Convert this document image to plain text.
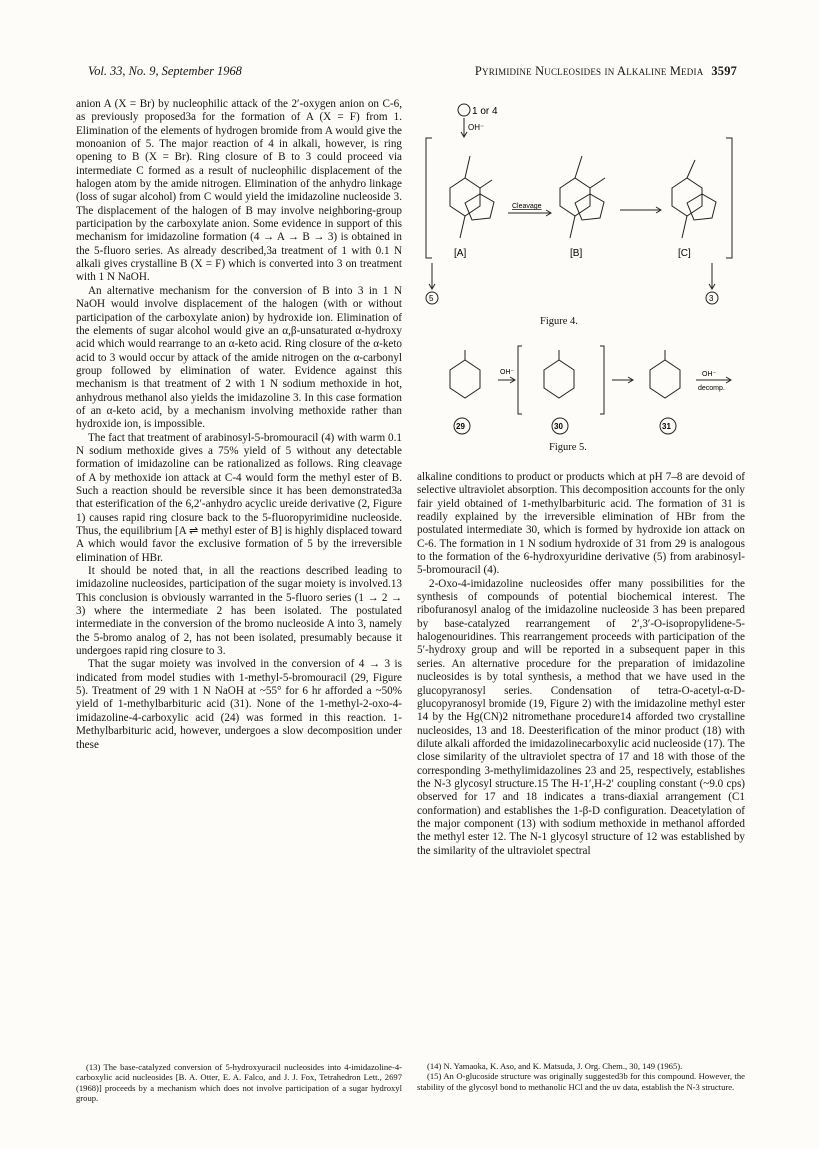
Vol. 33, No. 9, September 1968	Pyrimidine Nucleosides in Alkaline Media 3597

anion A (X = Br) by nucleophilic attack of the 2′-oxygen anion on C-6, as previously proposed3a for the formation of A (X = F) from 1. Elimination of the elements of hydrogen bromide from A would give the monoanion of 5. The major reaction of 4 in alkali, however, is ring opening to B (X = Br). Ring closure of B to 3 could proceed via intermediate C formed as a result of nucleophilic displacement of the halogen atom by the amide nitrogen. Elimination of the anhydro linkage (loss of sugar alcohol) from C would yield the imidazoline nucleoside 3. The displacement of the halogen of B may involve neighboring-group participation by the carboxylate anion. Some evidence in support of this mechanism for imidazoline formation (4 → A → B → 3) is obtained in the 5-fluoro series. As already described,3a treatment of 1 with 0.1 N alkali gives crystalline B (X = F) which is converted into 3 on treatment with 1 N NaOH.

An alternative mechanism for the conversion of B into 3 in 1 N NaOH would involve displacement of the halogen (with or without participation of the carboxylate anion) by hydroxide ion. Elimination of the elements of sugar alcohol would give an α,β-unsaturated α-hydroxy acid which would rearrange to an α-keto acid. Ring closure of the α-keto acid to 3 would occur by attack of the amide nitrogen on the α-carbonyl group followed by elimination of water. Evidence against this mechanism is that treatment of 2 with 1 N sodium methoxide in hot, anhydrous methanol also yields the imidazoline 3. In this case formation of an α-keto acid, by a mechanism involving methoxide rather than hydroxide ion, is impossible.

The fact that treatment of arabinosyl-5-bromouracil (4) with warm 0.1 N sodium methoxide gives a 75% yield of 5 without any detectable formation of imidazoline can be rationalized as follows. Ring cleavage of A by methoxide ion attack at C-4 would form the methyl ester of B. Such a reaction should be reversible since it has been demonstrated3a that esterification of the 6,2′-anhydro acyclic ureide derivative (2, Figure 1) causes rapid ring closure back to the 5-fluoropyrimidine nucleoside. Thus, the equilibrium [A ⇌ methyl ester of B] is highly displaced toward A which would favor the exclusive formation of 5 by the irreversible elimination of HBr.

It should be noted that, in all the reactions described leading to imidazoline nucleosides, participation of the sugar moiety is involved.13 This conclusion is obviously warranted in the 5-fluoro series (1 → 2 → 3) where the intermediate 2 has been isolated. The postulated intermediate in the conversion of the bromo nucleoside A into 3, namely the 5-bromo analog of 2, has not been isolated, presumably because it undergoes rapid ring closure to 3.

That the sugar moiety was involved in the conversion of 4 → 3 is indicated from model studies with 1-methyl-5-bromouracil (29, Figure 5). Treatment of 29 with 1 N NaOH at ~55° for 6 hr afforded a ~50% yield of 1-methylbarbituric acid (31). None of the 1-methyl-2-oxo-4-imidazoline-4-carboxylic acid (24) was formed in this reaction. 1-Methylbarbituric acid, however, undergoes a slow decomposition under these

1 or 4
OH⁻
Cleavage
[A]	[B]	[C]
5	3
Figure 4.
OH⁻	OH⁻
decomp.
29	30	31
Figure 5.

alkaline conditions to product or products which at pH 7–8 are devoid of selective ultraviolet absorption. This decomposition accounts for the only fair yield obtained of 1-methylbarbituric acid. The formation of 31 is readily explained by the irreversible elimination of HBr from the postulated intermediate 30, which is formed by hydroxide ion attack on C-6. The formation in 1 N sodium hydroxide of 31 from 29 is analogous to the formation of the 6-hydroxyuridine derivative (5) from arabinosyl-5-bromouracil (4).

2-Oxo-4-imidazoline nucleosides offer many possibilities for the synthesis of compounds of potential biochemical interest. The ribofuranosyl analog of the imidazoline nucleoside 3 has been prepared by base-catalyzed rearrangement of 2′,3′-O-isopropylidene-5-halogenouridines. This rearrangement proceeds with participation of the 5′-hydroxy group and will be reported in a subsequent paper in this series. An alternative procedure for the preparation of imidazoline nucleosides is by total synthesis, a method that we have used in the glucopyranosyl series. Condensation of tetra-O-acetyl-α-D-glucopyranosyl bromide (19, Figure 2) with the imidazoline methyl ester 14 by the Hg(CN)2 nitromethane procedure14 afforded two crystalline nucleosides, 13 and 18. Deesterification of the minor product (18) with dilute alkali afforded the imidazolinecarboxylic acid nucleoside (17). The close similarity of the ultraviolet spectra of 17 and 18 with those of the corresponding 3-methylimidazolines 23 and 25, respectively, establishes the N-3 glycosyl structure.15 The H-1′,H-2′ coupling constant (~9.0 cps) observed for 17 and 18 indicates a trans-diaxial arrangement (C1 conformation) and establishes the 1-β-D configuration. Deacetylation of the major component (13) with sodium methoxide in methanol afforded the methyl ester 12. The N-1 glycosyl structure of 12 was established by the similarity of the ultraviolet spectral

(13) The base-catalyzed conversion of 5-hydroxyuracil nucleosides into 4-imidazoline-4-carboxylic acid nucleosides [B. A. Otter, E. A. Falco, and J. J. Fox, Tetrahedron Lett., 2697 (1968)] proceeds by a mechanism which does not involve participation of a sugar hydroxyl group.

(14) N. Yamaoka, K. Aso, and K. Matsuda, J. Org. Chem., 30, 149 (1965).

(15) An O-glucoside structure was originally suggested3b for this compound. However, the stability of the glycosyl bond to methanolic HCl and the uv data, establish the N-3 structure.
